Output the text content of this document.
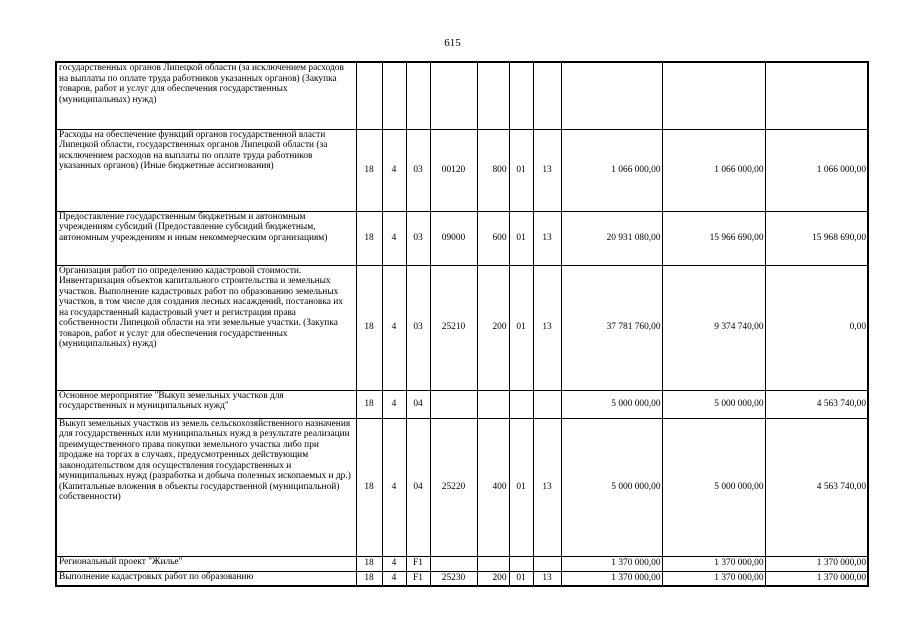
615
государственных органов Липецкой области (за исключением расходов на выплаты по оплате труда работников указанных органов) (Закупка товаров, работ и услуг для обеспечения государственных (муниципальных) нужд)										
Расходы на обеспечение функций органов государственной власти Липецкой области, государственных органов Липецкой области (за исключением расходов на выплаты по оплате труда работников указанных органов) (Иные бюджетные ассигнования)	18	4	03	00120	800	01	13	1 066 000,00	1 066 000,00	1 066 000,00
Предоставление государственным бюджетным и автономным учреждениям субсидий (Предоставление субсидий бюджетным, автономным учреждениям и иным некоммерческим организациям)	18	4	03	09000	600	01	13	20 931 080,00	15 966 690,00	15 968 690,00
Организация работ по определению кадастровой стоимости. Инвентаризация объектов капитального строительства и земельных участков. Выполнение кадастровых работ по образованию земельных участков, в том числе для создания лесных насаждений, постановка их на государственный кадастровый учет и регистрация права собственности Липецкой области на эти земельные участки. (Закупка товаров, работ и услуг для обеспечения государственных (муниципальных) нужд)	18	4	03	25210	200	01	13	37 781 760,00	9 374 740,00	0,00
Основное мероприятие "Выкуп земельных участков для государственных и муниципальных нужд"	18	4	04					5 000 000,00	5 000 000,00	4 563 740,00
Выкуп земельных участков из земель сельскохозяйственного назначения для государственных или муниципальных нужд в результате реализации преимущественного права покупки земельного участка либо при продаже на торгах в случаях, предусмотренных действующим законодательством для осуществления государственных и муниципальных нужд (разработка и добыча полезных ископаемых и др.) (Капитальные вложения в объекты государственной (муниципальной) собственности)	18	4	04	25220	400	01	13	5 000 000,00	5 000 000,00	4 563 740,00
Региональный проект "Жилье"	18	4	F1					1 370 000,00	1 370 000,00	1 370 000,00
Выполнение кадастровых работ по образованию	18	4	F1	25230	200	01	13	1 370 000,00	1 370 000,00	1 370 000,00
